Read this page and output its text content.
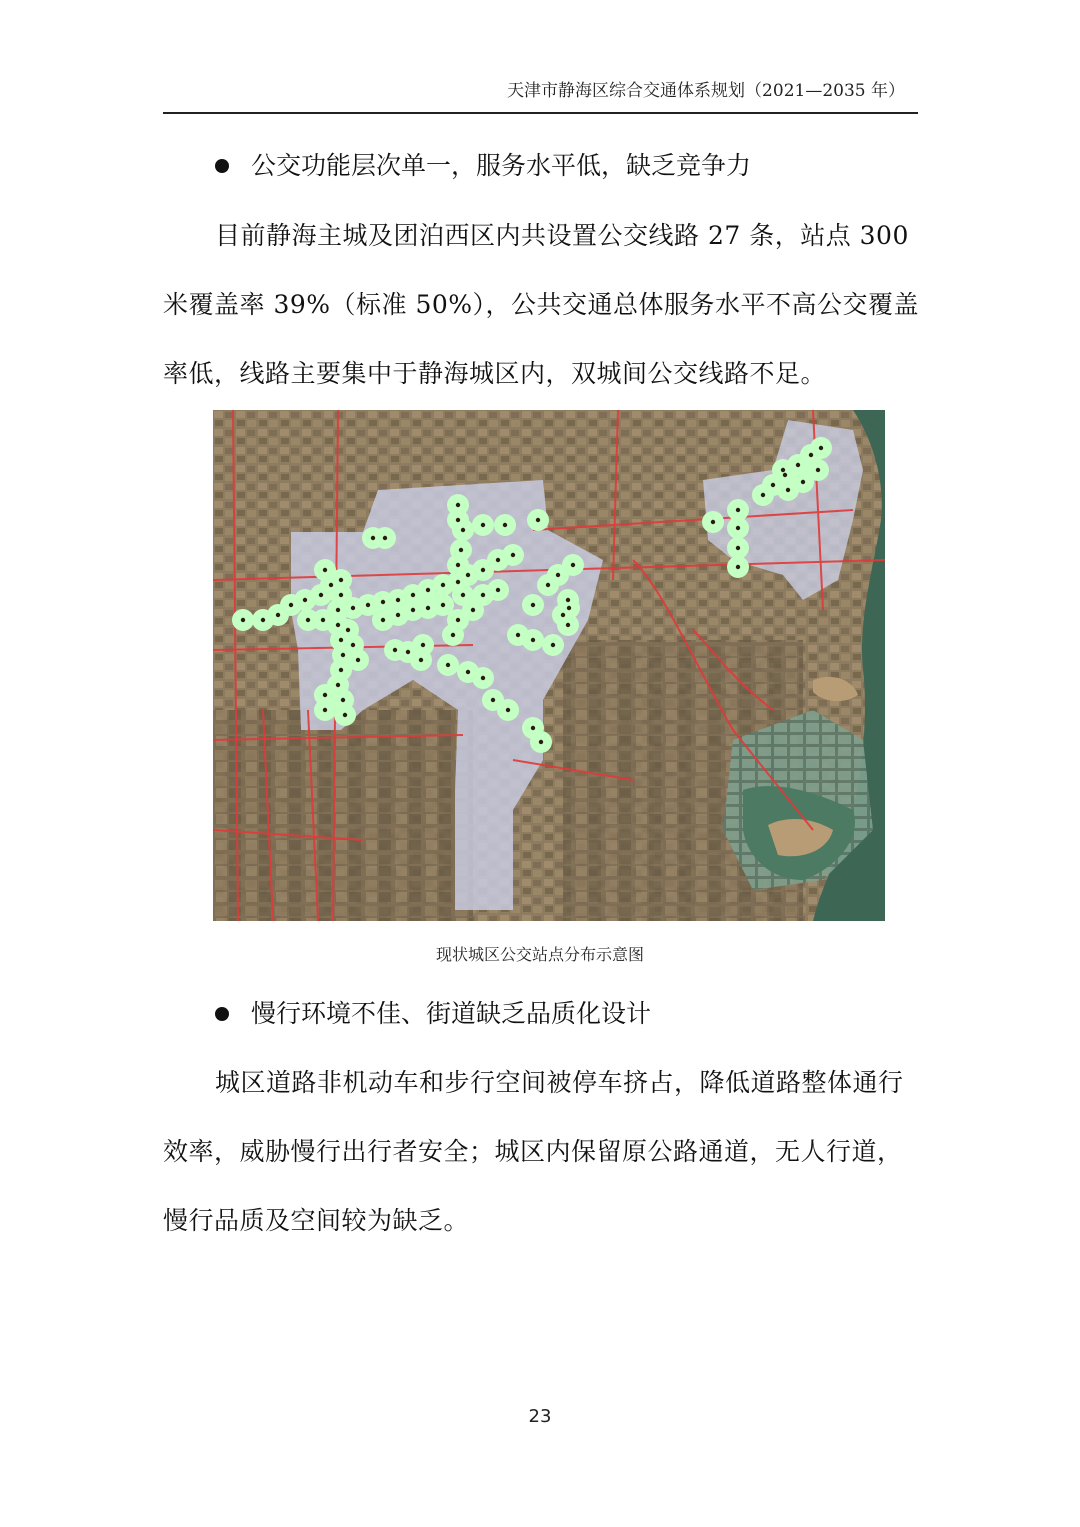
天津市静海区综合交通体系规划（2021—2035 年）
公交功能层次单一，服务水平低，缺乏竞争力
目前静海主城及团泊西区内共设置公交线路 27 条，站点 300 米覆盖率 39%（标准 50%），公共交通总体服务水平不高公交覆盖率低，线路主要集中于静海城区内，双城间公交线路不足。
现状城区公交站点分布示意图
慢行环境不佳、街道缺乏品质化设计
城区道路非机动车和步行空间被停车挤占，降低道路整体通行效率，威胁慢行出行者安全；城区内保留原公路通道，无人行道，慢行品质及空间较为缺乏。
23
